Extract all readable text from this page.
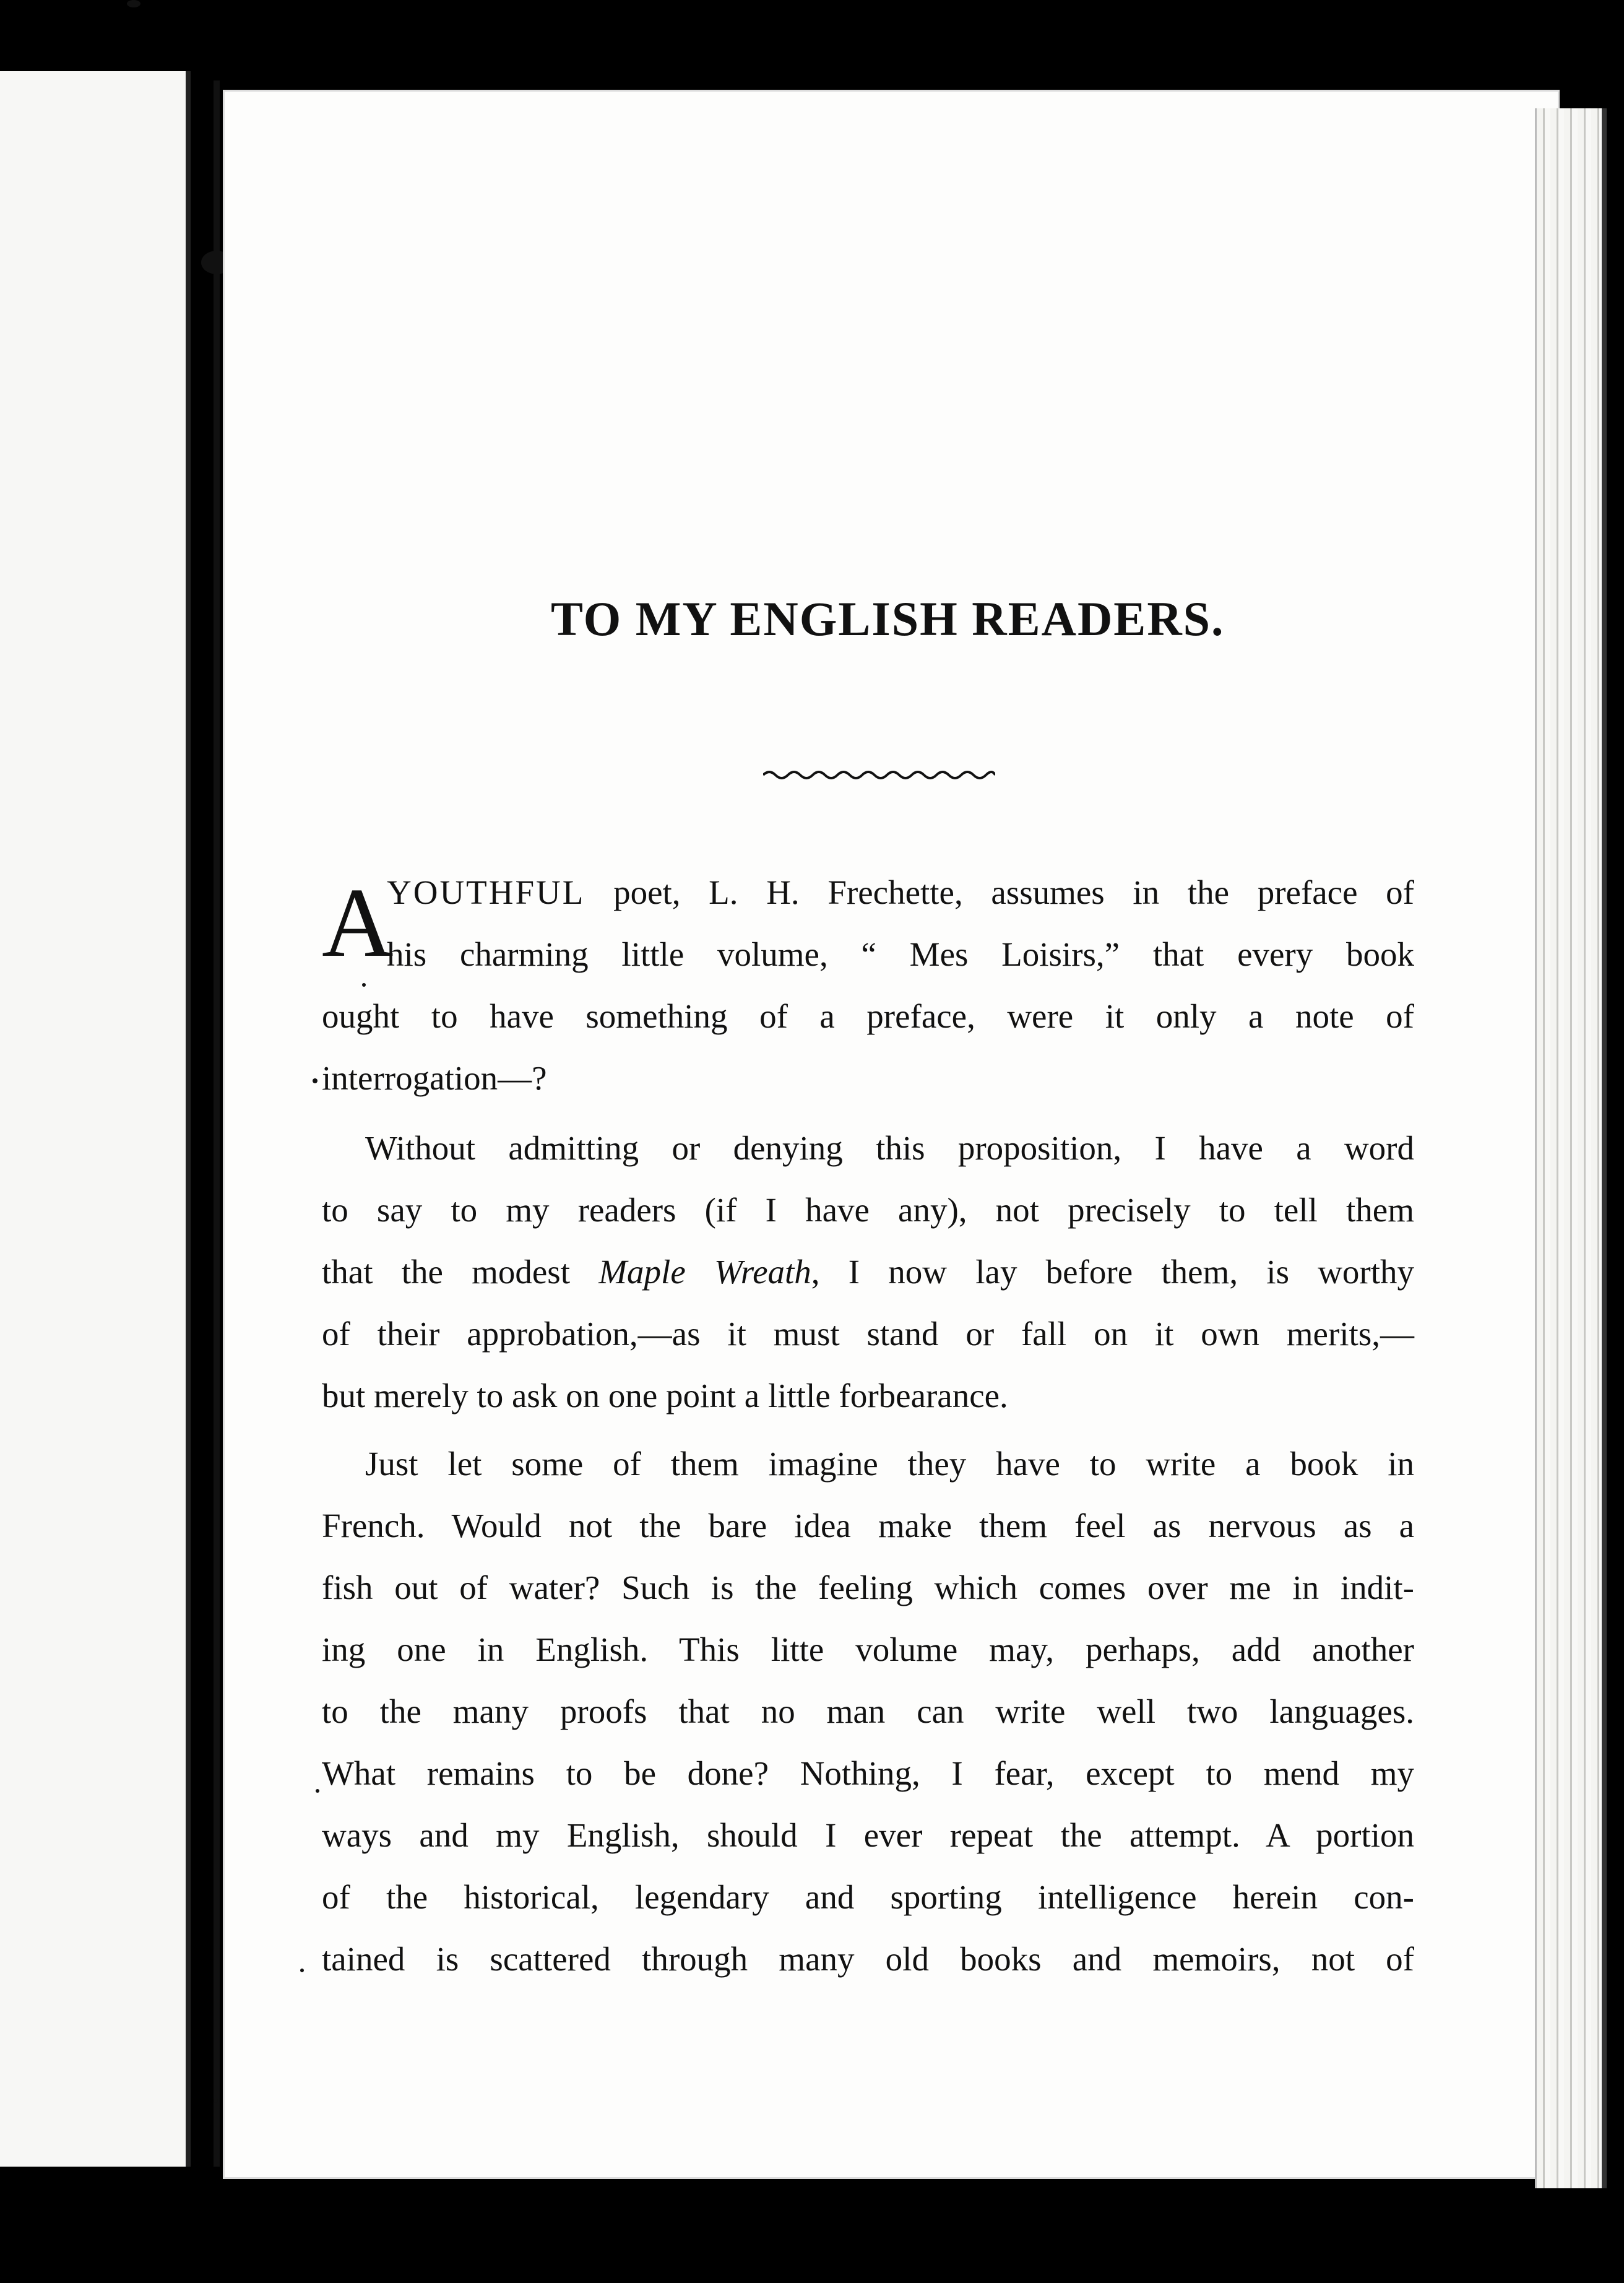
TO MY ENGLISH READERS.
A
YOUTHFUL poet, L. H. Frechette, assumes in the preface of
his charming little volume, “ Mes Loisirs,” that every book
ought to have something of a preface, were it only a note of
interrogation—?
Without admitting or denying this proposition, I have a word
to say to my readers (if I have any), not precisely to tell them
that the modest Maple Wreath, I now lay before them, is worthy
of their approbation,—as it must stand or fall on it own merits,—
but merely to ask on one point a little forbearance.
Just let some of them imagine they have to write a book in
French. Would not the bare idea make them feel as nervous as a
fish out of water? Such is the feeling which comes over me in indit-
ing one in English. This litte volume may, perhaps, add another
to the many proofs that no man can write well two languages.
What remains to be done? Nothing, I fear, except to mend my
ways and my English, should I ever repeat the attempt. A portion
of the historical, legendary and sporting intelligence herein con-
tained is scattered through many old books and memoirs, not of
